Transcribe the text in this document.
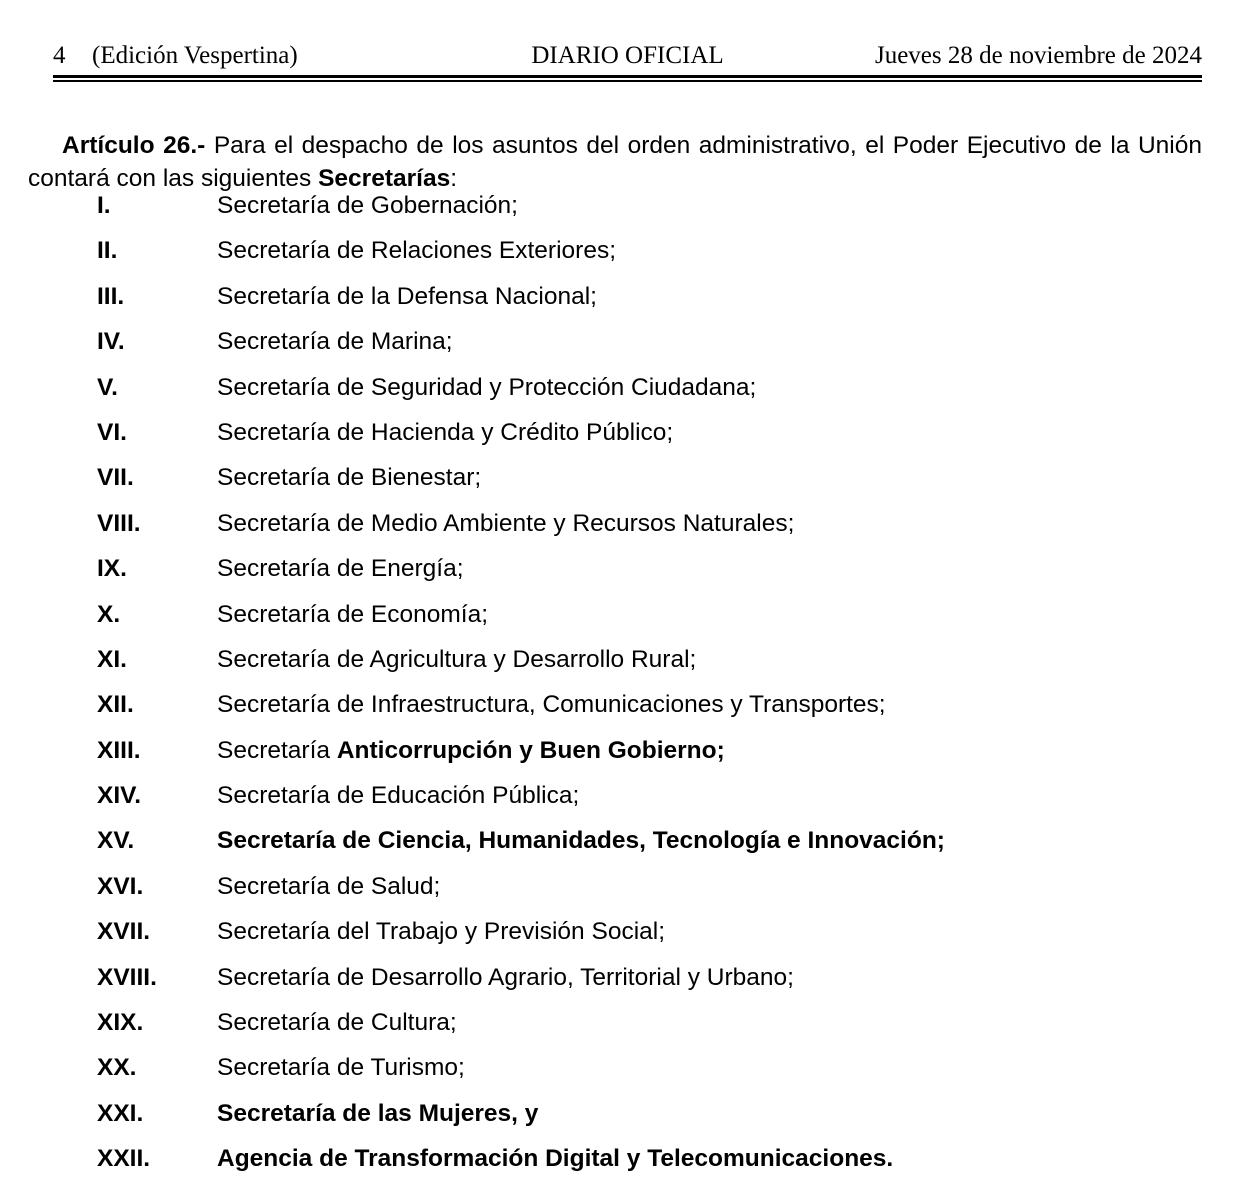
4 (Edición Vespertina)	DIARIO OFICIAL	Jueves 28 de noviembre de 2024

Artículo 26.- Para el despacho de los asuntos del orden administrativo, el Poder Ejecutivo de la Unión contará con las siguientes Secretarías:

I.	Secretaría de Gobernación;
II.	Secretaría de Relaciones Exteriores;
III.	Secretaría de la Defensa Nacional;
IV.	Secretaría de Marina;
V.	Secretaría de Seguridad y Protección Ciudadana;
VI.	Secretaría de Hacienda y Crédito Público;
VII.	Secretaría de Bienestar;
VIII.	Secretaría de Medio Ambiente y Recursos Naturales;
IX.	Secretaría de Energía;
X.	Secretaría de Economía;
XI.	Secretaría de Agricultura y Desarrollo Rural;
XII.	Secretaría de Infraestructura, Comunicaciones y Transportes;
XIII.	Secretaría Anticorrupción y Buen Gobierno;
XIV.	Secretaría de Educación Pública;
XV.	Secretaría de Ciencia, Humanidades, Tecnología e Innovación;
XVI.	Secretaría de Salud;
XVII.	Secretaría del Trabajo y Previsión Social;
XVIII. Secretaría de Desarrollo Agrario, Territorial y Urbano;
XIX.	Secretaría de Cultura;
XX.	Secretaría de Turismo;
XXI.	Secretaría de las Mujeres, y
XXII.	Agencia de Transformación Digital y Telecomunicaciones.
